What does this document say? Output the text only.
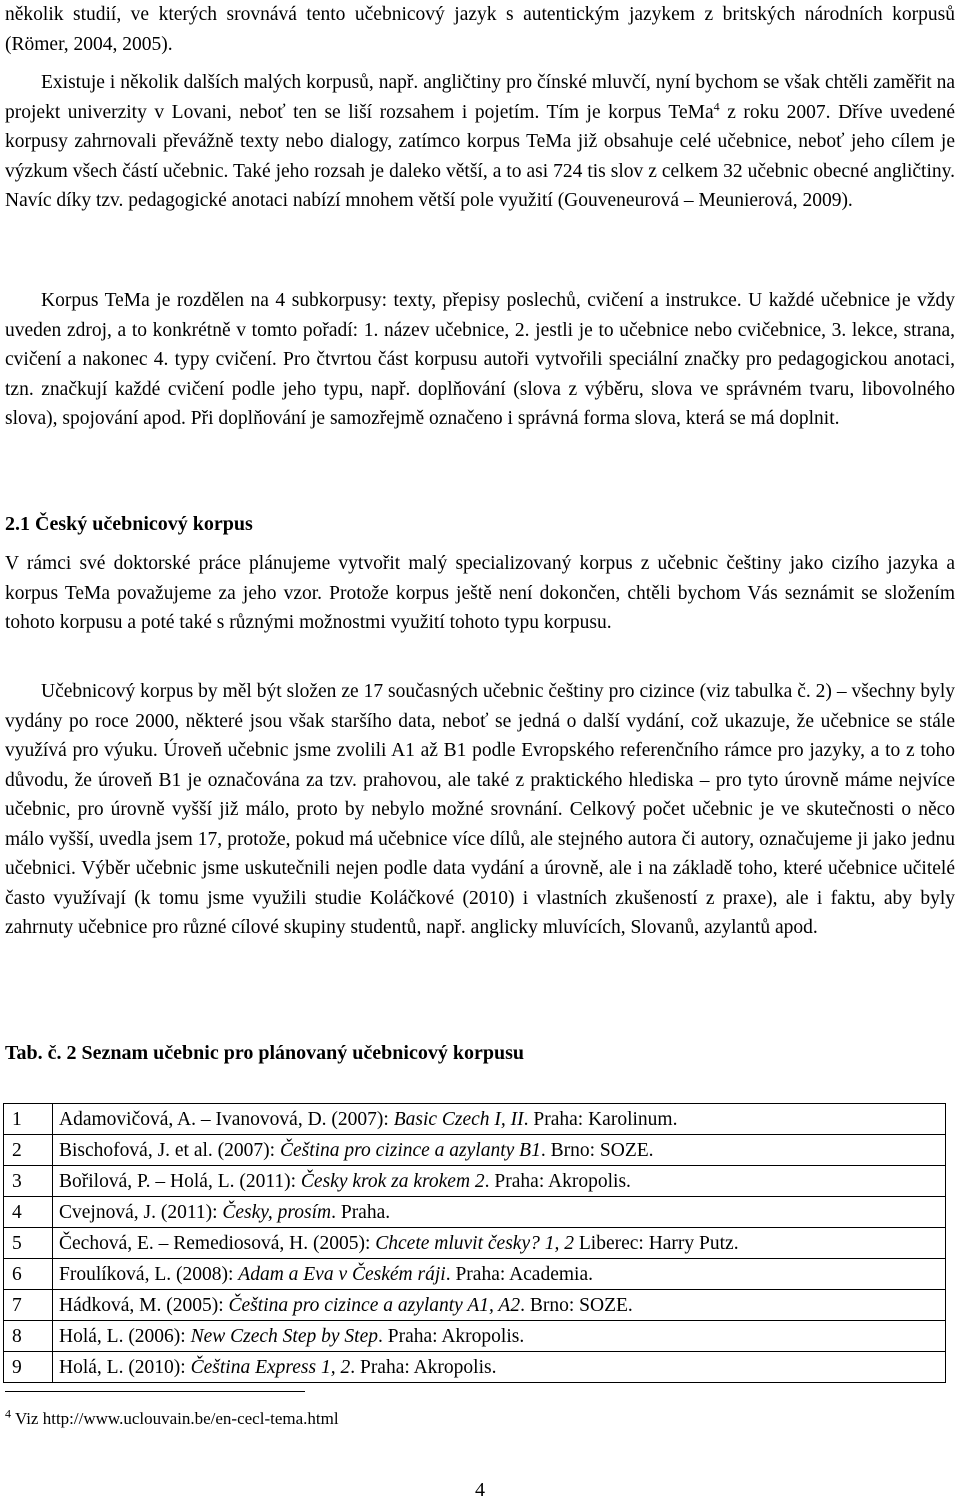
několik studií, ve kterých srovnává tento učebnicový jazyk s autentickým jazykem z britských národních korpusů (Römer, 2004, 2005).

Existuje i několik dalších malých korpusů, např. angličtiny pro čínské mluvčí, nyní bychom se však chtěli zaměřit na projekt univerzity v Lovani, neboť ten se liší rozsahem i pojetím. Tím je korpus TeMa$^4$ z roku 2007. Dříve uvedené korpusy zahrnovali převážně texty nebo dialogy, zatímco korpus TeMa již obsahuje celé učebnice, neboť jeho cílem je výzkum všech částí učebnic. Také jeho rozsah je daleko větší, a to asi 724 tis slov z celkem 32 učebnic obecné angličtiny. Navíc díky tzv. pedagogické anotaci nabízí mnohem větší pole využití (Gouveneurová – Meunierová, 2009).

Korpus TeMa je rozdělen na 4 subkorpusy: texty, přepisy poslechů, cvičení a instrukce. U každé učebnice je vždy uveden zdroj, a to konkrétně v tomto pořadí: 1. název učebnice, 2. jestli je to učebnice nebo cvičebnice, 3. lekce, strana, cvičení a nakonec 4. typy cvičení. Pro čtvrtou část korpusu autoři vytvořili speciální značky pro pedagogickou anotaci, tzn. značkují každé cvičení podle jeho typu, např. doplňování (slova z výběru, slova ve správném tvaru, libovolného slova), spojování apod. Při doplňování je samozřejmě označeno i správná forma slova, která se má doplnit.

2.1 Český učebnicový korpus

V rámci své doktorské práce plánujeme vytvořit malý specializovaný korpus z učebnic češtiny jako cizího jazyka a korpus TeMa považujeme za jeho vzor. Protože korpus ještě není dokončen, chtěli bychom Vás seznámit se složením tohoto korpusu a poté také s různými možnostmi využití tohoto typu korpusu.

Učebnicový korpus by měl být složen ze 17 současných učebnic češtiny pro cizince (viz tabulka č. 2) – všechny byly vydány po roce 2000, některé jsou však staršího data, neboť se jedná o další vydání, což ukazuje, že učebnice se stále využívá pro výuku. Úroveň učebnic jsme zvolili A1 až B1 podle Evropského referenčního rámce pro jazyky, a to z toho důvodu, že úroveň B1 je označována za tzv. prahovou, ale také z praktického hlediska – pro tyto úrovně máme nejvíce učebnic, pro úrovně vyšší již málo, proto by nebylo možné srovnání. Celkový počet učebnic je ve skutečnosti o něco málo vyšší, uvedla jsem 17, protože, pokud má učebnice více dílů, ale stejného autora či autory, označujeme ji jako jednu učebnici. Výběr učebnic jsme uskutečnili nejen podle data vydání a úrovně, ale i na základě toho, které učebnice učitelé často využívají (k tomu jsme využili studie Koláčkové (2010) i vlastních zkušeností z praxe), ale i faktu, aby byly zahrnuty učebnice pro různé cílové skupiny studentů, např. anglicky mluvících, Slovanů, azylantů apod.

Tab. č. 2 Seznam učebnic pro plánovaný učebnicový korpusu

1	Adamovičová, A. – Ivanovová, D. (2007): Basic Czech I, II. Praha: Karolinum.
2	Bischofová, J. et al. (2007): Čeština pro cizince a azylanty B1. Brno: SOZE.
3	Bořilová, P. – Holá, L. (2011): Česky krok za krokem 2. Praha: Akropolis.
4	Cvejnová, J. (2011): Česky, prosím. Praha.
5	Čechová, E. – Remediosová, H. (2005): Chcete mluvit česky? 1, 2 Liberec: Harry Putz.
6	Froulíková, L. (2008): Adam a Eva v Českém ráji. Praha: Academia.
7	Hádková, M. (2005): Čeština pro cizince a azylanty A1, A2. Brno: SOZE.
8	Holá, L. (2006): New Czech Step by Step. Praha: Akropolis.
9	Holá, L. (2010): Čeština Express 1, 2. Praha: Akropolis.
$^4$ Viz http://www.uclouvain.be/en-cecl-tema.html
4
